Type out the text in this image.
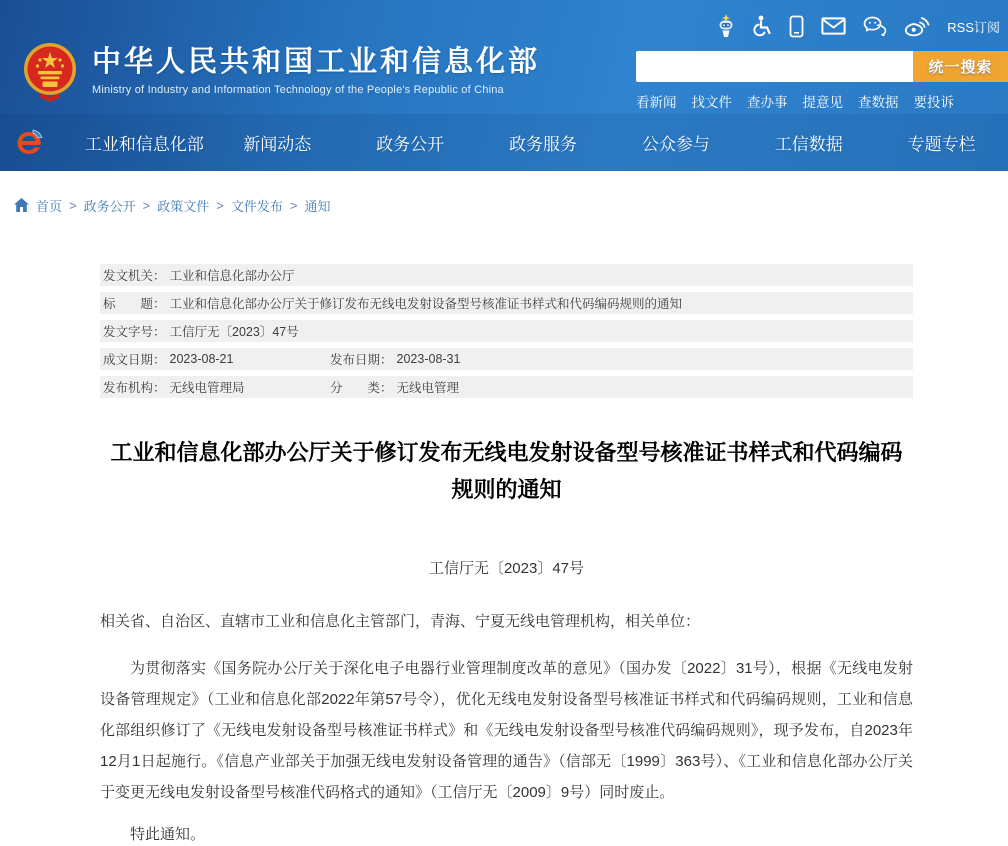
中华人民共和国工业和信息化部
Ministry of Industry and Information Technology of the People's Republic of China
RSS订阅
统一搜索
看新闻 找文件 查办事 提意见 查数据 要投诉
工业和信息化部	新闻动态	政务公开	政务服务	公众参与	工信数据	专题专栏
首页 > 政务公开 > 政策文件 > 文件发布 > 通知
发文机关： 工业和信息化部办公厅
标　　题： 工业和信息化部办公厅关于修订发布无线电发射设备型号核准证书样式和代码编码规则的通知
发文字号： 工信厅无〔2023〕47号
成文日期： 2023-08-21	发布日期： 2023-08-31
发布机构： 无线电管理局	分　　类： 无线电管理
工业和信息化部办公厅关于修订发布无线电发射设备型号核准证书样式和代码编码规则的通知
工信厅无〔2023〕47号

相关省、自治区、直辖市工业和信息化主管部门，青海、宁夏无线电管理机构，相关单位：

为贯彻落实《国务院办公厅关于深化电子电器行业管理制度改革的意见》（国办发〔2022〕31号），根据《无线电发射设备管理规定》（工业和信息化部2022年第57号令），优化无线电发射设备型号核准证书样式和代码编码规则，工业和信息化部组织修订了《无线电发射设备型号核准证书样式》和《无线电发射设备型号核准代码编码规则》，现予发布，自2023年12月1日起施行。《信息产业部关于加强无线电发射设备管理的通告》（信部无〔1999〕363号）、《工业和信息化部办公厅关于变更无线电发射设备型号核准代码格式的通知》（工信厅无〔2009〕9号）同时废止。

特此通知。
